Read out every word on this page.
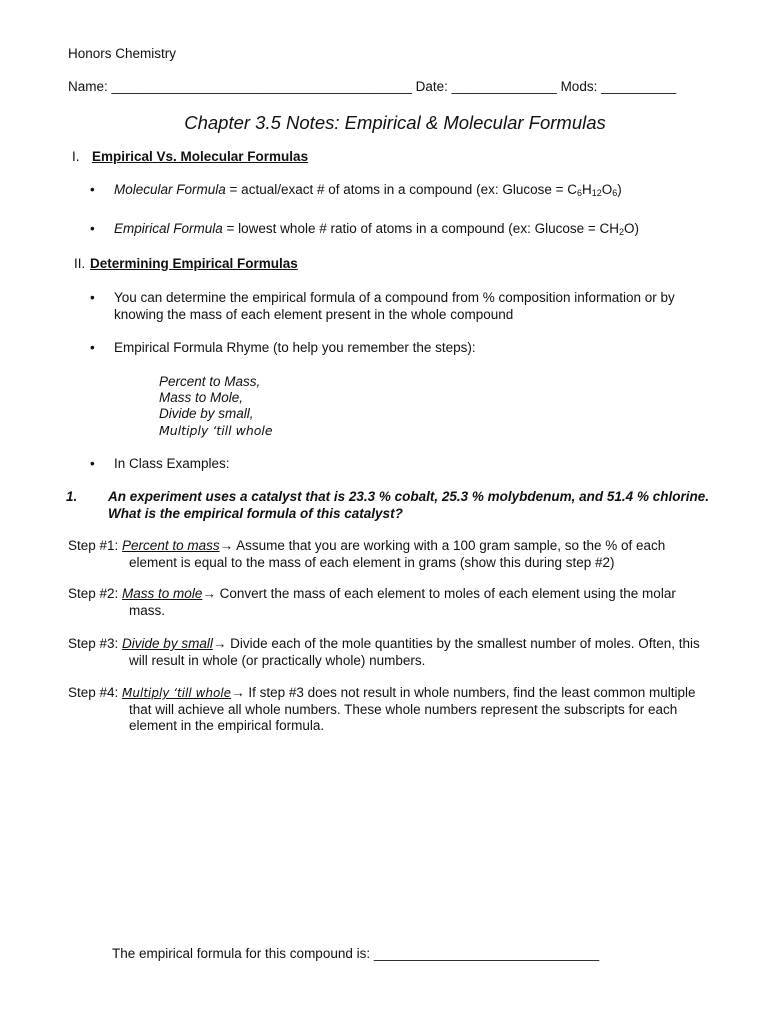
Honors Chemistry
Name: ________________________________________ Date: ______________ Mods: __________
Chapter 3.5 Notes: Empirical & Molecular Formulas
I. Empirical Vs. Molecular Formulas
• Molecular Formula = actual/exact # of atoms in a compound (ex: $Glucose = C_6H_{12}O_6$)
• Empirical Formula = lowest whole # ratio of atoms in a compound (ex: $Glucose = CH_2O$)
II. Determining Empirical Formulas
• You can determine the empirical formula of a compound from % composition information or by
knowing the mass of each element present in the whole compound
• Empirical Formula Rhyme (to help you remember the steps):
Percent to Mass,
Mass to Mole,
Divide by small,
Multiply ‘till whole
• In Class Examples:
1. An experiment uses a catalyst that is 23.3 % cobalt, 25.3 % molybdenum, and 51.4 % chlorine.
What is the empirical formula of this catalyst?
Step #1: Percent to mass→ Assume that you are working with a 100 gram sample, so the % of each
element is equal to the mass of each element in grams (show this during step #2)
Step #2: Mass to mole→ Convert the mass of each element to moles of each element using the molar
mass.
Step #3: Divide by small→ Divide each of the mole quantities by the smallest number of moles. Often, this
will result in whole (or practically whole) numbers.
Step #4: Multiply ‘till whole→ If step #3 does not result in whole numbers, find the least common multiple
that will achieve all whole numbers. These whole numbers represent the subscripts for each
element in the empirical formula.
The empirical formula for this compound is: ______________________________
